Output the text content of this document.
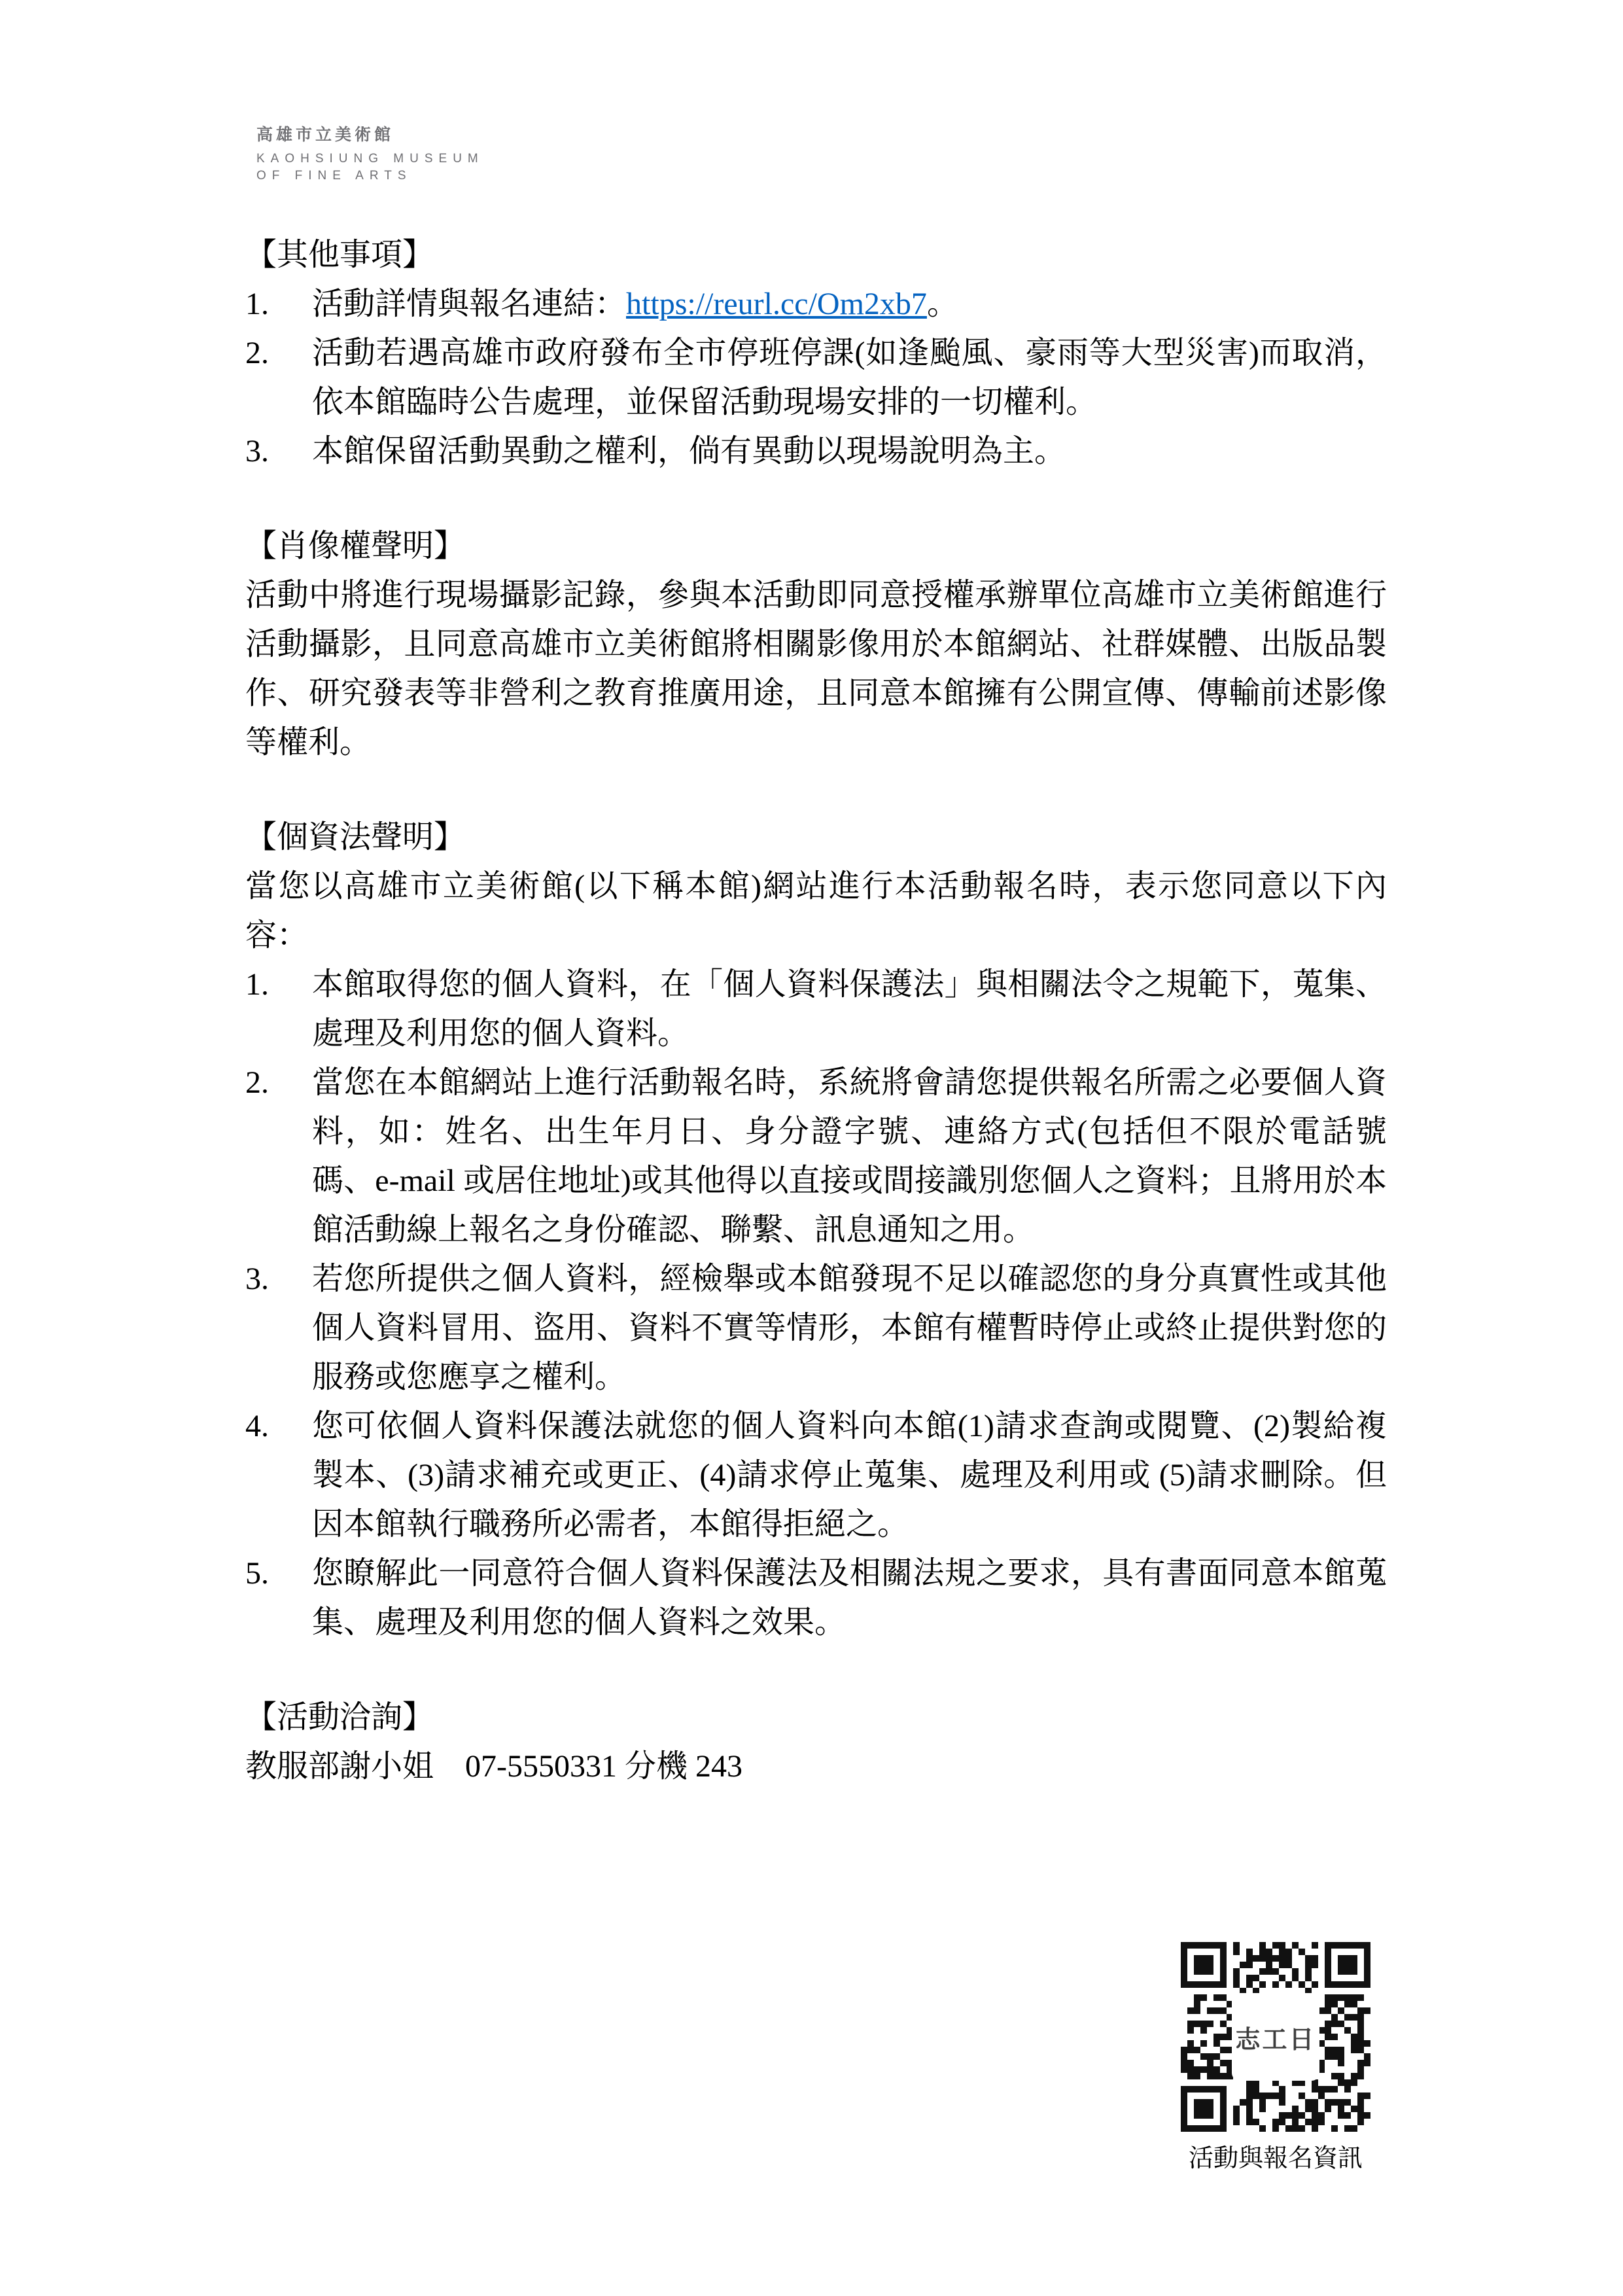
高雄市立美術館
KAOHSIUNG MUSEUM
OF FINE ARTS
【其他事項】
1. 活動詳情與報名連結：https://reurl.cc/Om2xb7。
2. 活動若遇高雄市政府發布全市停班停課(如逢颱風、豪雨等大型災害)而取消，依本館臨時公告處理，並保留活動現場安排的一切權利。
3. 本館保留活動異動之權利，倘有異動以現場說明為主。
【肖像權聲明】
活動中將進行現場攝影記錄，參與本活動即同意授權承辦單位高雄市立美術館進行活動攝影，且同意高雄市立美術館將相關影像用於本館網站、社群媒體、出版品製作、研究發表等非營利之教育推廣用途，且同意本館擁有公開宣傳、傳輸前述影像等權利。
【個資法聲明】
當您以高雄市立美術館(以下稱本館)網站進行本活動報名時，表示您同意以下內容：
1. 本館取得您的個人資料，在「個人資料保護法」與相關法令之規範下，蒐集、處理及利用您的個人資料。
2. 當您在本館網站上進行活動報名時，系統將會請您提供報名所需之必要個人資料，如：姓名、出生年月日、身分證字號、連絡方式(包括但不限於電話號碼、e-mail 或居住地址)或其他得以直接或間接識別您個人之資料；且將用於本館活動線上報名之身份確認、聯繫、訊息通知之用。
3. 若您所提供之個人資料，經檢舉或本館發現不足以確認您的身分真實性或其他個人資料冒用、盜用、資料不實等情形，本館有權暫時停止或終止提供對您的服務或您應享之權利。
4. 您可依個人資料保護法就您的個人資料向本館(1)請求查詢或閱覽、(2)製給複製本、(3)請求補充或更正、(4)請求停止蒐集、處理及利用或 (5)請求刪除。但因本館執行職務所必需者，本館得拒絕之。
5. 您瞭解此一同意符合個人資料保護法及相關法規之要求，具有書面同意本館蒐集、處理及利用您的個人資料之效果。
【活動洽詢】
教服部謝小姐　07-5550331 分機 243
志工日
活動與報名資訊
